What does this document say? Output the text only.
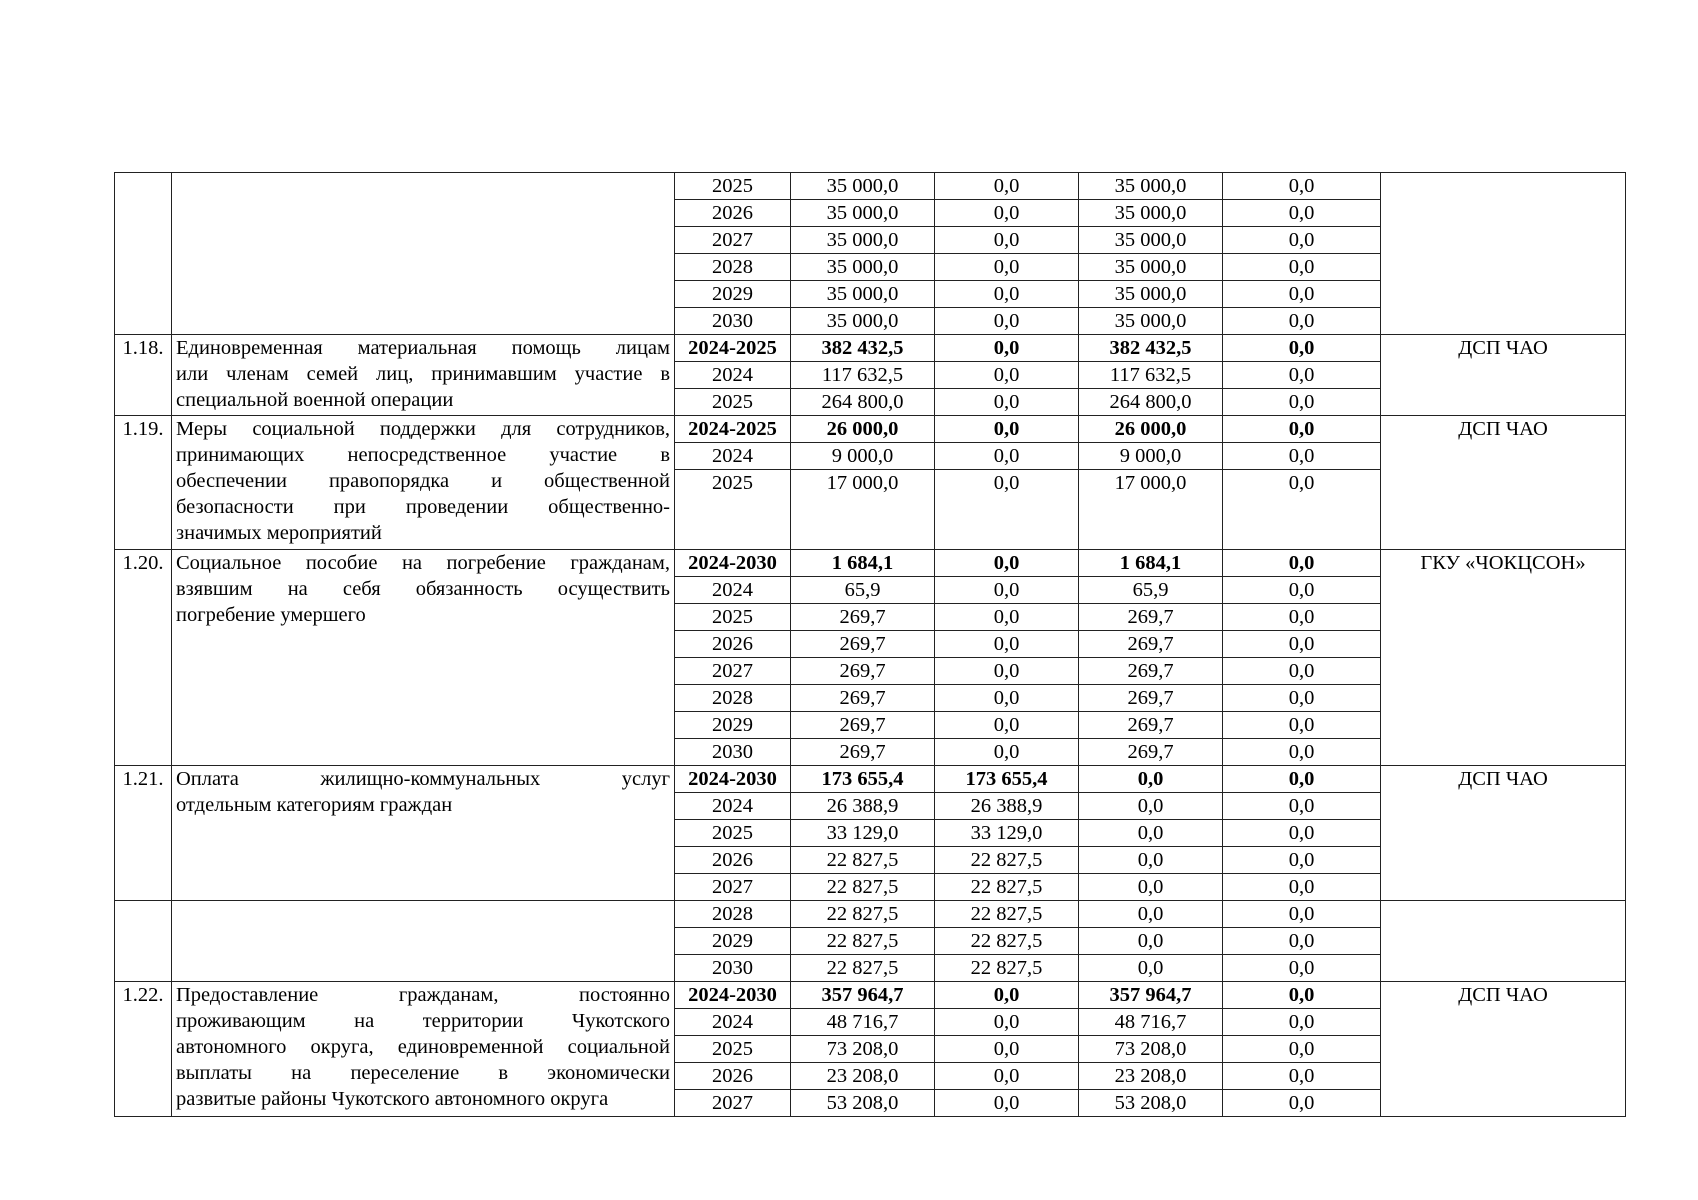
		2025	35 000,0	0,0	35 000,0	0,0	
		2026	35 000,0	0,0	35 000,0	0,0	
		2027	35 000,0	0,0	35 000,0	0,0	
		2028	35 000,0	0,0	35 000,0	0,0	
		2029	35 000,0	0,0	35 000,0	0,0	
		2030	35 000,0	0,0	35 000,0	0,0	
1.18.	Единовременная материальная помощь лицам
или членам семей лиц, принимавшим участие в
специальной военной операции	2024-2025	382 432,5	0,0	382 432,5	0,0	ДСП ЧАО
		2024	117 632,5	0,0	117 632,5	0,0	
		2025	264 800,0	0,0	264 800,0	0,0	
1.19.	Меры социальной поддержки для сотрудников,
принимающих непосредственное участие в
обеспечении правопорядка и общественной
безопасности при проведении общественно-
значимых мероприятий	2024-2025	26 000,0	0,0	26 000,0	0,0	ДСП ЧАО
		2024	9 000,0	0,0	9 000,0	0,0	
		2025	17 000,0	0,0	17 000,0	0,0	
1.20.	Социальное пособие на погребение гражданам,
взявшим на себя обязанность осуществить
погребение умершего	2024-2030	1 684,1	0,0	1 684,1	0,0	ГКУ «ЧОКЦСОН»
		2024	65,9	0,0	65,9	0,0	
		2025	269,7	0,0	269,7	0,0	
		2026	269,7	0,0	269,7	0,0	
		2027	269,7	0,0	269,7	0,0	
		2028	269,7	0,0	269,7	0,0	
		2029	269,7	0,0	269,7	0,0	
		2030	269,7	0,0	269,7	0,0	
1.21.	Оплата жилищно-коммунальных услуг
отдельным категориям граждан	2024-2030	173 655,4	173 655,4	0,0	0,0	ДСП ЧАО
		2024	26 388,9	26 388,9	0,0	0,0	
		2025	33 129,0	33 129,0	0,0	0,0	
		2026	22 827,5	22 827,5	0,0	0,0	
		2027	22 827,5	22 827,5	0,0	0,0	
		2028	22 827,5	22 827,5	0,0	0,0	
		2029	22 827,5	22 827,5	0,0	0,0	
		2030	22 827,5	22 827,5	0,0	0,0	
1.22.	Предоставление гражданам, постоянно
проживающим на территории Чукотского
автономного округа, единовременной социальной
выплаты на переселение в экономически
развитые районы Чукотского автономного округа	2024-2030	357 964,7	0,0	357 964,7	0,0	ДСП ЧАО
		2024	48 716,7	0,0	48 716,7	0,0	
		2025	73 208,0	0,0	73 208,0	0,0	
		2026	23 208,0	0,0	23 208,0	0,0	
		2027	53 208,0	0,0	53 208,0	0,0	
